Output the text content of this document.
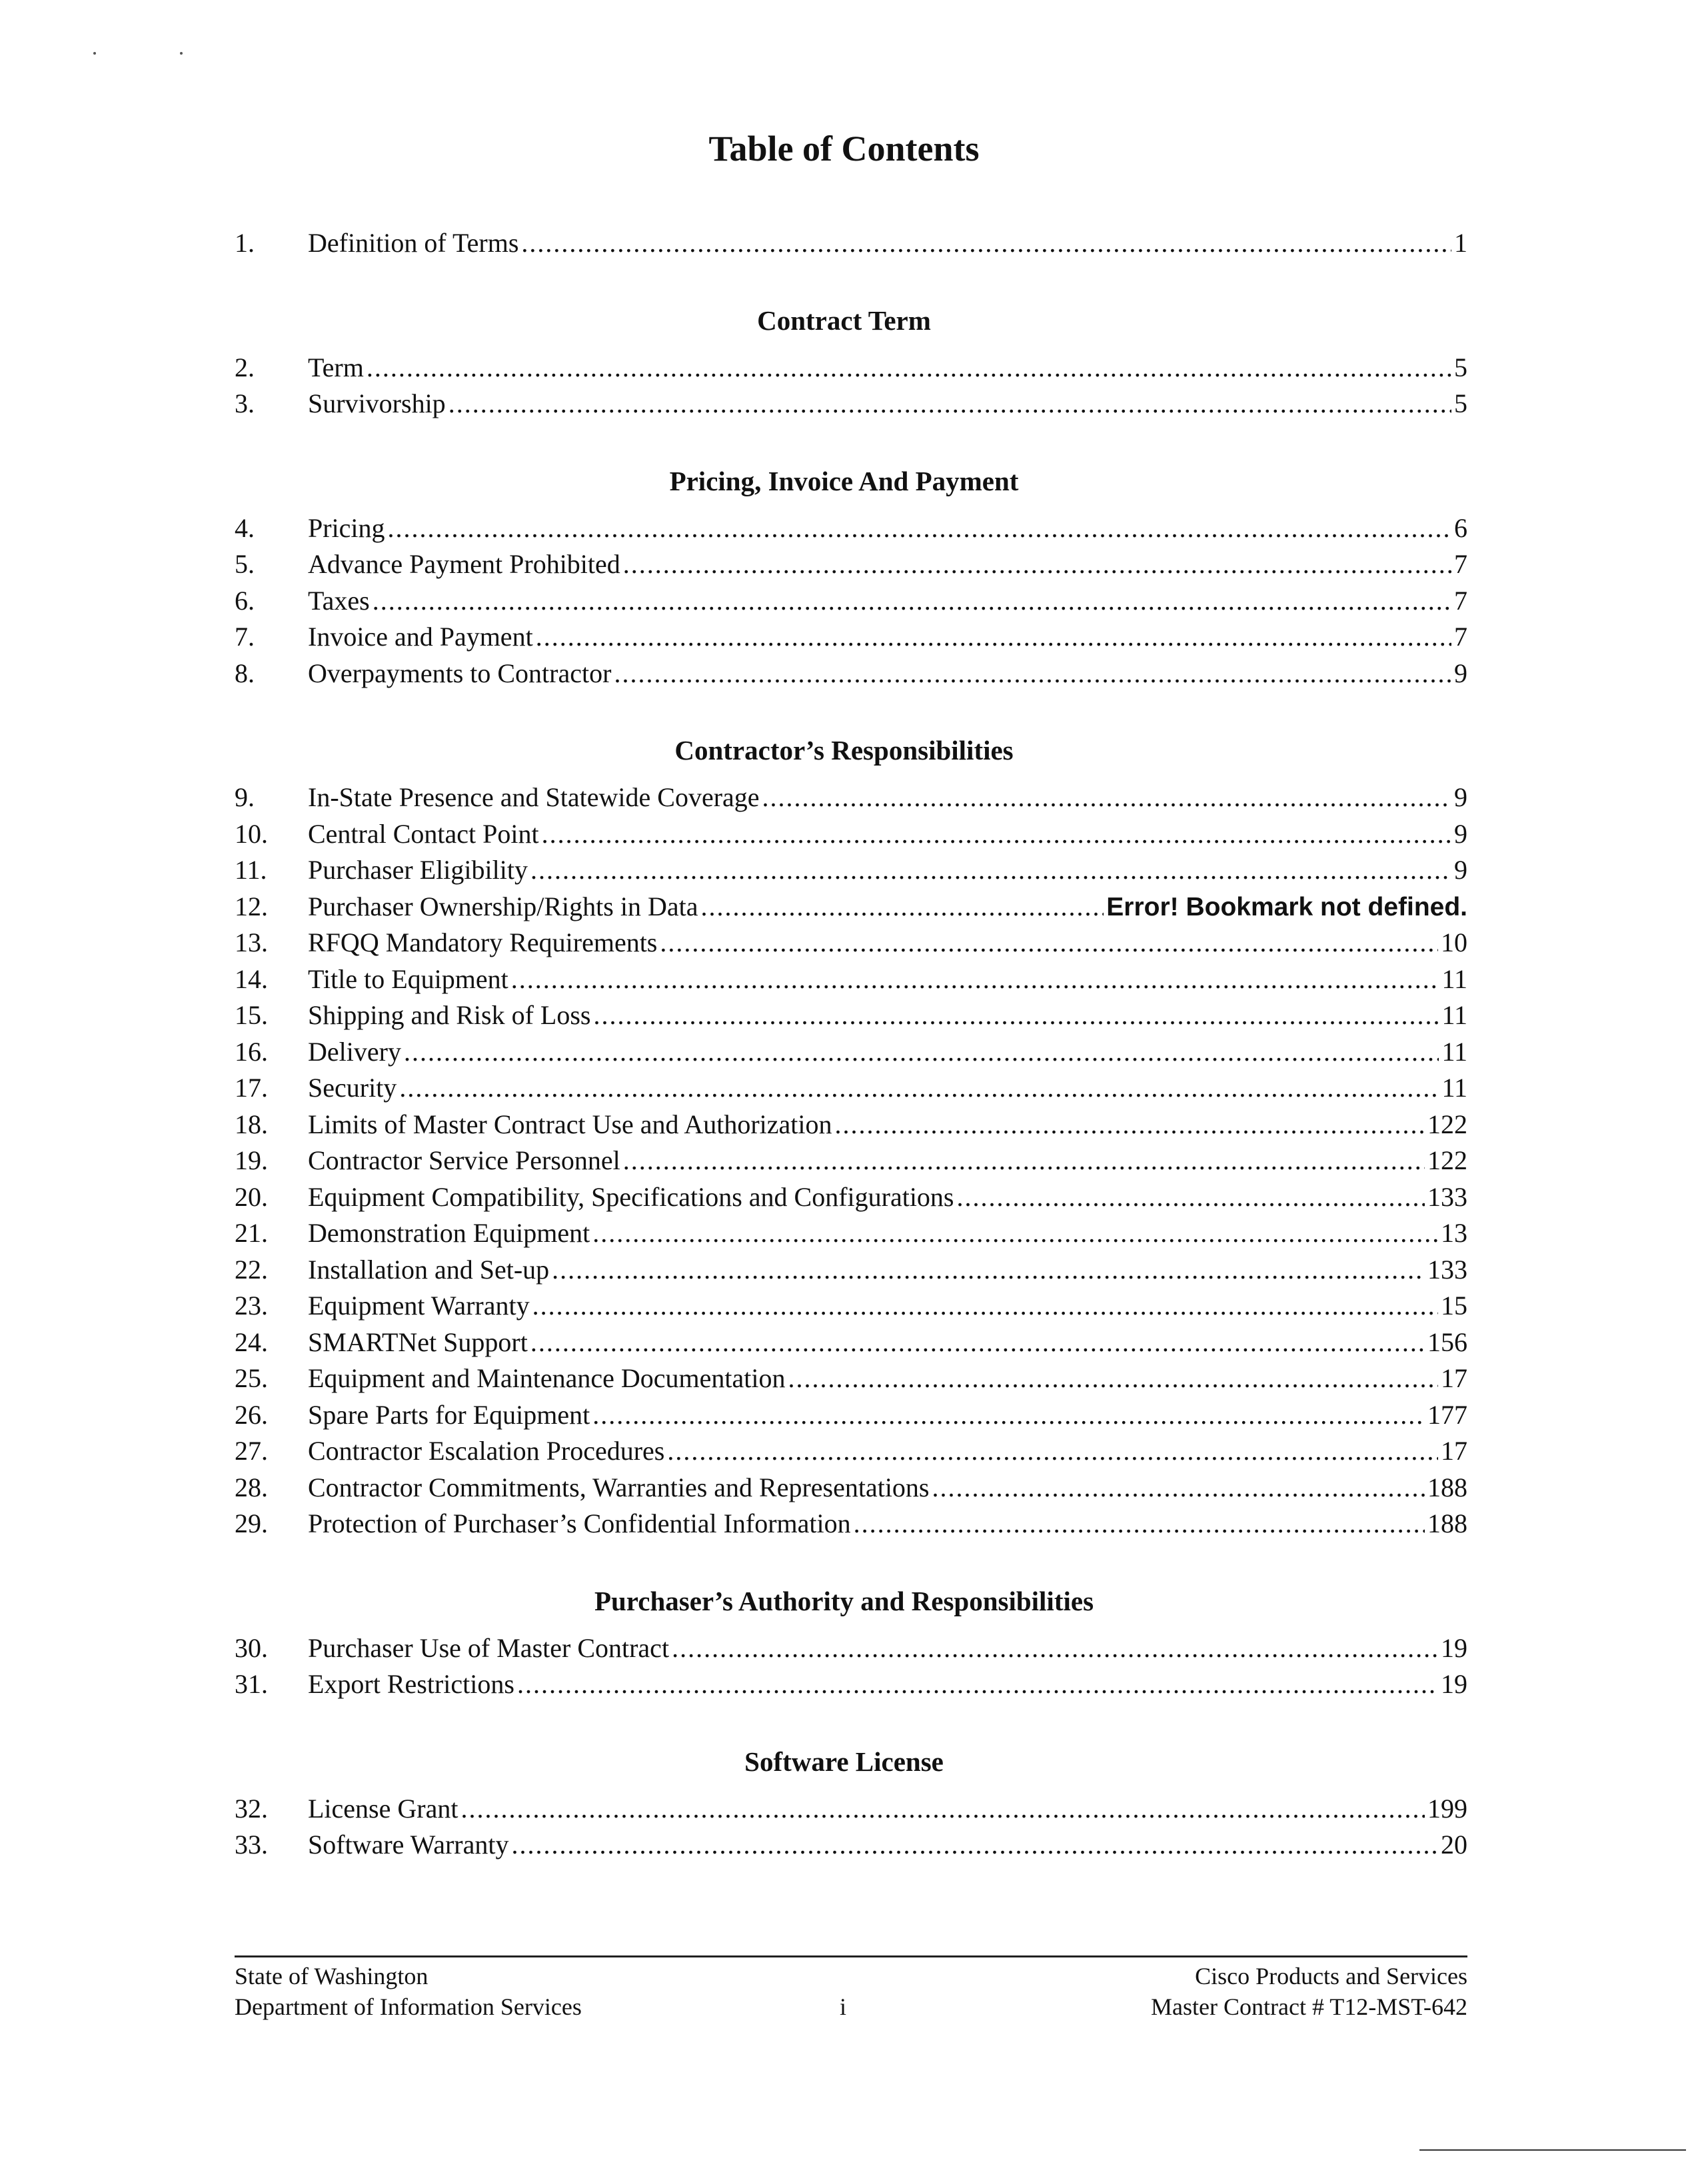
Table of Contents
1. Definition of Terms .....	1
Contract Term
2. Term .....	5
3. Survivorship .....	5
Pricing, Invoice And Payment
4. Pricing .....	6
5. Advance Payment Prohibited .....	7
6. Taxes .....	7
7. Invoice and Payment .....	7
8. Overpayments to Contractor .....	9
Contractor’s Responsibilities
9. In-State Presence and Statewide Coverage .....	9
10. Central Contact Point .....	9
11. Purchaser Eligibility .....	9
12. Purchaser Ownership/Rights in Data .....	Error! Bookmark not defined.
13. RFQQ Mandatory Requirements .....	10
14. Title to Equipment .....	11
15. Shipping and Risk of Loss .....	11
16. Delivery .....	11
17. Security .....	11
18. Limits of Master Contract Use and Authorization .....	122
19. Contractor Service Personnel .....	122
20. Equipment Compatibility, Specifications and Configurations .....	133
21. Demonstration Equipment .....	13
22. Installation and Set-up .....	133
23. Equipment Warranty .....	15
24. SMARTNet Support .....	156
25. Equipment and Maintenance Documentation .....	17
26. Spare Parts for Equipment .....	177
27. Contractor Escalation Procedures .....	17
28. Contractor Commitments, Warranties and Representations .....	188
29. Protection of Purchaser’s Confidential Information .....	188
Purchaser’s Authority and Responsibilities
30. Purchaser Use of Master Contract .....	19
31. Export Restrictions .....	19
Software License
32. License Grant .....	199
33. Software Warranty .....	20
State of Washington
Department of Information Services	i
Cisco Products and Services
Master Contract # T12-MST-642
